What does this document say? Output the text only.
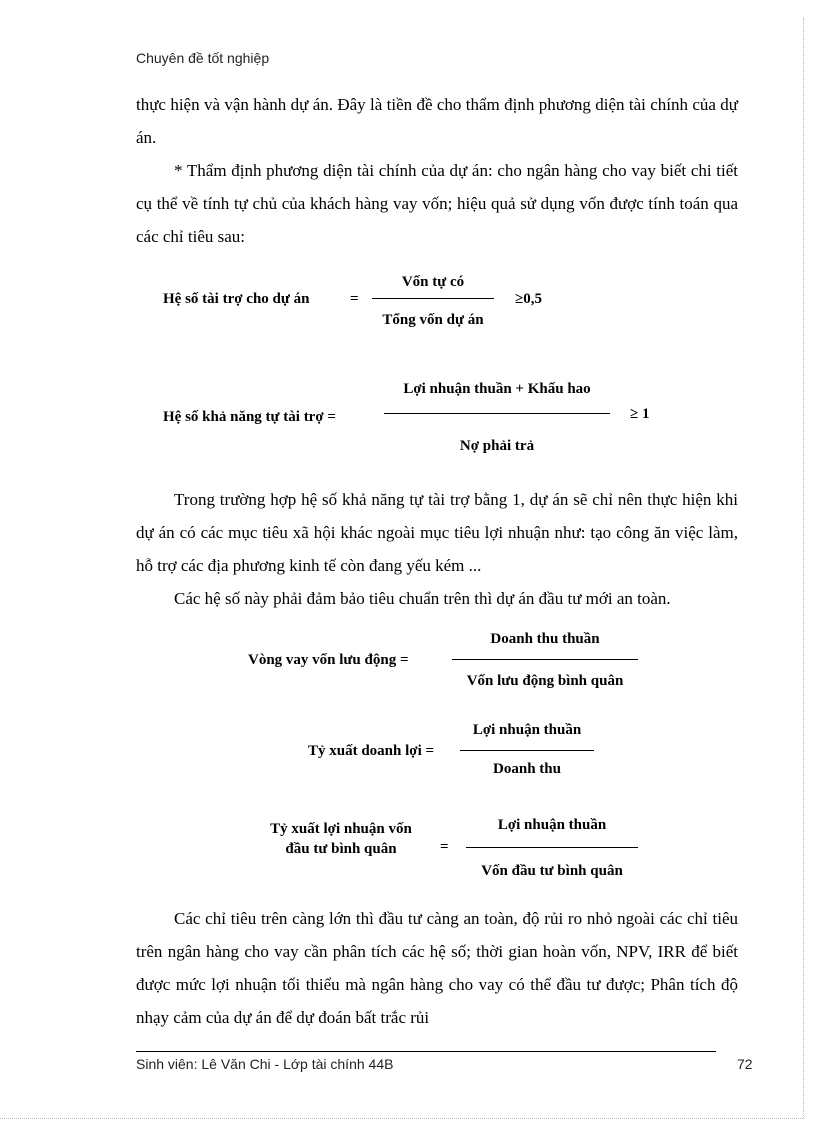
Chuyên đề tốt nghiệp

thực hiện và vận hành dự án. Đây là tiền đề cho thẩm định phương diện tài chính của dự án.

* Thẩm định phương diện tài chính của dự án: cho ngân hàng cho vay biết chi tiết cụ thể về tính tự chủ của khách hàng vay vốn; hiệu quả sử dụng vốn được tính toán qua các chỉ tiêu sau:

Hệ số tài trợ cho dự án	=
Vốn tự có
Tổng vốn dự án
≥0,5
Hệ số khả năng tự tài trợ =
Lợi nhuận thuần + Khấu hao
Nợ phải trả
≥ 1

Trong trường hợp hệ số khả năng tự tài trợ bằng 1, dự án sẽ chỉ nên thực hiện khi dự án có các mục tiêu xã hội khác ngoài mục tiêu lợi nhuận như: tạo công ăn việc làm, hỗ trợ các địa phương kinh tế còn đang yếu kém ...

Các hệ số này phải đảm bảo tiêu chuẩn trên thì dự án đầu tư mới an toàn.

Vòng vay vốn lưu động =
Doanh thu thuần
Vốn lưu động bình quân
Tỷ xuất doanh lợi =
Lợi nhuận thuần
Doanh thu
Tỷ xuất lợi nhuận vốn
đầu tư bình quân	=
Lợi nhuận thuần
Vốn đầu tư bình quân

Các chỉ tiêu trên càng lớn thì đầu tư càng an toàn, độ rủi ro nhỏ ngoài các chỉ tiêu trên ngân hàng cho vay cần phân tích các hệ số; thời gian hoàn vốn, NPV, IRR để biết được mức lợi nhuận tối thiểu mà ngân hàng cho vay có thể đầu tư được; Phân tích độ nhạy cảm của dự án để dự đoán bất trắc rủi

Sinh viên: Lê Văn Chi - Lớp tài chính 44B	72
